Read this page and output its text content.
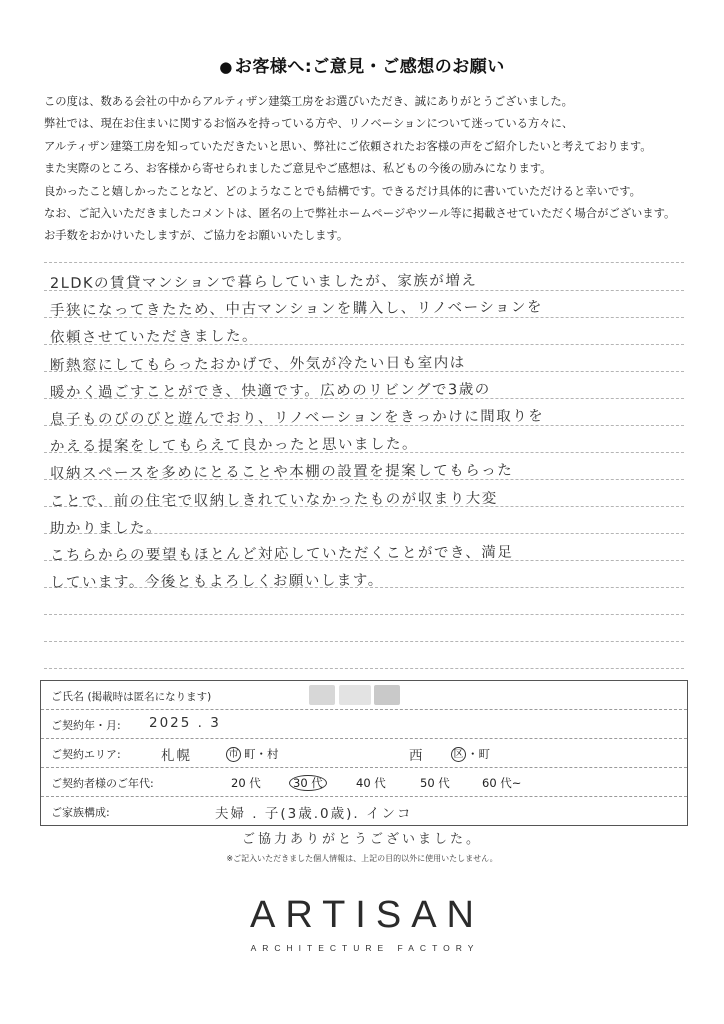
● お客様へ:ご意見・ご感想のお願い

この度は、数ある会社の中からアルティザン建築工房をお選びいただき、誠にありがとうございました。

弊社では、現在お住まいに関するお悩みを持っている方や、リノベーションについて迷っている方々に、

アルティザン建築工房を知っていただきたいと思い、弊社にご依頼されたお客様の声をご紹介したいと考えております。

また実際のところ、お客様から寄せられましたご意見やご感想は、私どもの今後の励みになります。

良かったこと嬉しかったことなど、どのようなことでも結構です。できるだけ具体的に書いていただけると幸いです。

なお、ご記入いただきましたコメントは、匿名の上で弊社ホームページやツール等に掲載させていただく場合がございます。

お手数をおかけいたしますが、ご協力をお願いいたします。

2LDKの賃貸マンションで暮らしていましたが、家族が増え

手狭になってきたため、中古マンションを購入し、リノベーションを

依頼させていただきました。

断熱窓にしてもらったおかげで、外気が冷たい日も室内は

暖かく過ごすことができ、快適です。広めのリビングで3歳の

息子ものびのびと遊んでおり、リノベーションをきっかけに間取りを

かえる提案をしてもらえて良かったと思いました。

収納スペースを多めにとることや本棚の設置を提案してもらった

ことで、前の住宅で収納しきれていなかったものが収まり大変

助かりました。

こちらからの要望もほとんど対応していただくことができ、満足

しています。今後ともよろしくお願いします。

ご氏名 (掲載時は匿名になります)
ご契約年・月: 2025 . 3
ご契約エリア:	札幌	市 町・村	西	区 ・町
ご契約者様のご年代:	20 代	30 代	40 代	50 代	60 代~
ご家族構成:	夫婦 . 子(3歳.0歳). インコ
ご協力ありがとうございました。
※ご記入いただきました個人情報は、上記の目的以外に使用いたしません。
ARTISAN
ARCHITECTURE FACTORY
